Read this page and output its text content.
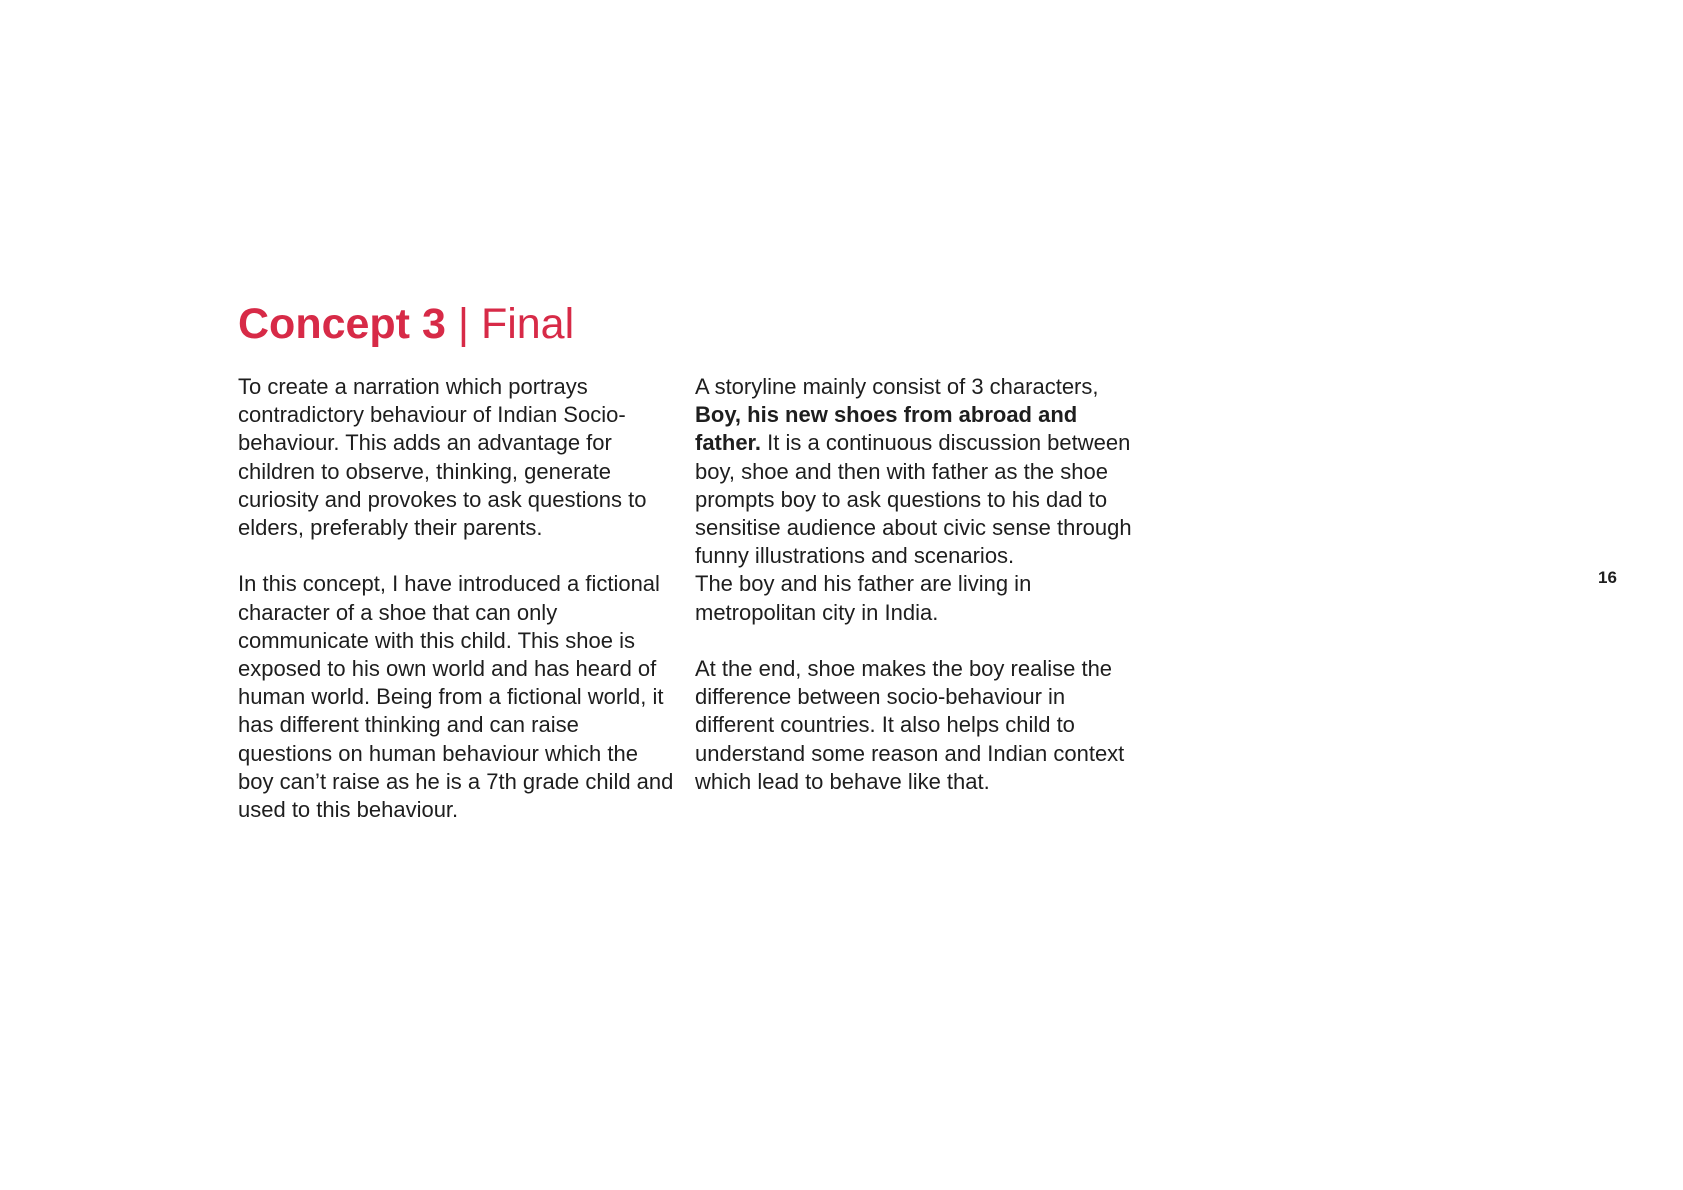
Concept 3 | Final

To create a narration which portrays contradictory behaviour of Indian Socio-behaviour. This adds an advantage for children to observe, thinking, generate curiosity and provokes to ask questions to elders, preferably their parents.

In this concept, I have introduced a fictional character of a shoe that can only communicate with this child. This shoe is exposed to his own world and has heard of human world. Being from a fictional world, it has different thinking and can raise questions on human behaviour which the boy can’t raise as he is a 7th grade child and used to this behaviour.

A storyline mainly consist of 3 characters, Boy, his new shoes from abroad and father. It is a continuous discussion between boy, shoe and then with father as the shoe prompts boy to ask questions to his dad to sensitise audience about civic sense through funny illustrations and scenarios.
The boy and his father are living in metropolitan city in India.

At the end, shoe makes the boy realise the difference between socio-behaviour in different countries. It also helps child to understand some reason and Indian context which lead to behave like that.

16
